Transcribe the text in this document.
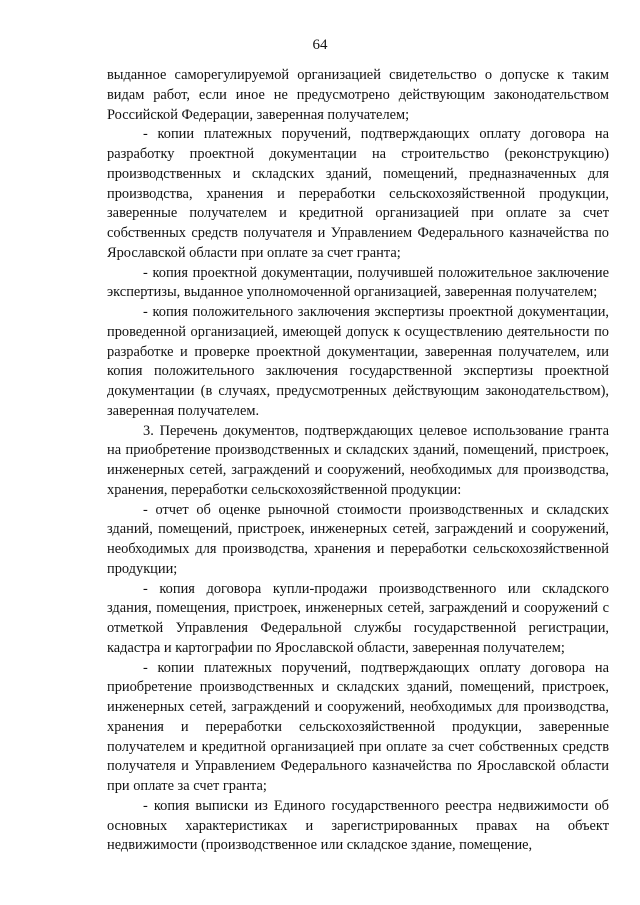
64

выданное саморегулируемой организацией свидетельство о допуске к таким видам работ, если иное не предусмотрено действующим законодательством Российской Федерации, заверенная получателем;

- копии платежных поручений, подтверждающих оплату договора на разработку проектной документации на строительство (реконструкцию) производственных и складских зданий, помещений, предназначенных для производства, хранения и переработки сельскохозяйственной продукции, заверенные получателем и кредитной организацией при оплате за счет собственных средств получателя и Управлением Федерального казначейства по Ярославской области при оплате за счет гранта;

- копия проектной документации, получившей положительное заключение экспертизы, выданное уполномоченной организацией, заверенная получателем;

- копия положительного заключения экспертизы проектной документации, проведенной организацией, имеющей допуск к осуществлению деятельности по разработке и проверке проектной документации, заверенная получателем, или копия положительного заключения государственной экспертизы проектной документации (в случаях, предусмотренных действующим законодательством), заверенная получателем.

3. Перечень документов, подтверждающих целевое использование гранта на приобретение производственных и складских зданий, помещений, пристроек, инженерных сетей, заграждений и сооружений, необходимых для производства, хранения, переработки сельскохозяйственной продукции:

- отчет об оценке рыночной стоимости производственных и складских зданий, помещений, пристроек, инженерных сетей, заграждений и сооружений, необходимых для производства, хранения и переработки сельскохозяйственной продукции;

- копия договора купли-продажи производственного или складского здания, помещения, пристроек, инженерных сетей, заграждений и сооружений с отметкой Управления Федеральной службы государственной регистрации, кадастра и картографии по Ярославской области, заверенная получателем;

- копии платежных поручений, подтверждающих оплату договора на приобретение производственных и складских зданий, помещений, пристроек, инженерных сетей, заграждений и сооружений, необходимых для производства, хранения и переработки сельскохозяйственной продукции, заверенные получателем и кредитной организацией при оплате за счет собственных средств получателя и Управлением Федерального казначейства по Ярославской области при оплате за счет гранта;

- копия выписки из Единого государственного реестра недвижимости об основных характеристиках и зарегистрированных правах на объект недвижимости (производственное или складское здание, помещение,
